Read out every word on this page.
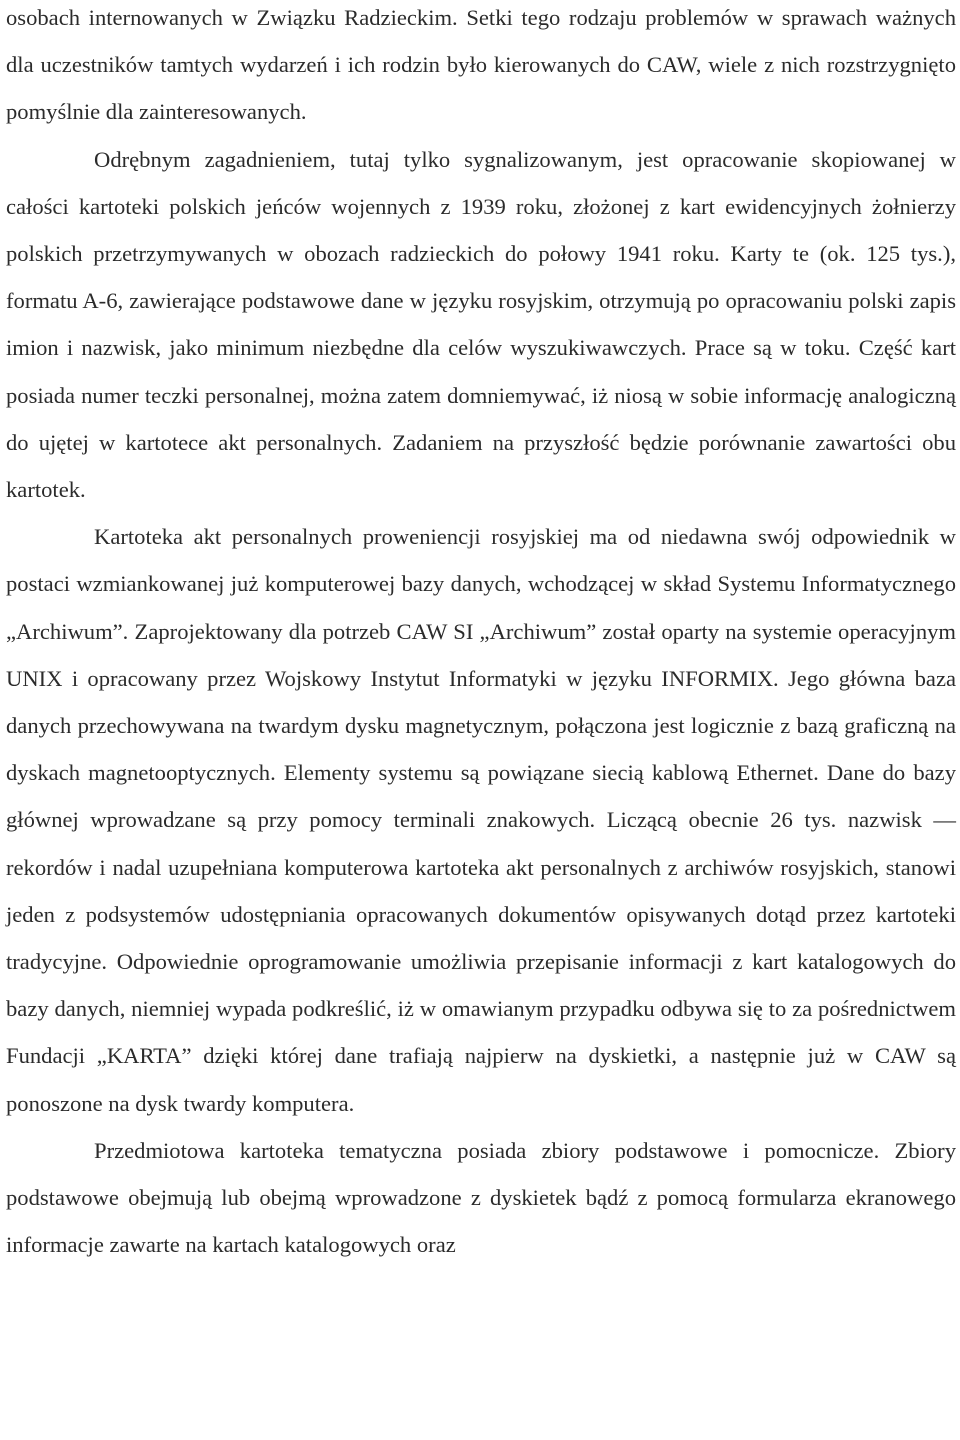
osobach internowanych w Związku Radzieckim. Setki tego rodzaju problemów w sprawach ważnych dla uczestników tamtych wydarzeń i ich rodzin było kierowanych do CAW, wiele z nich rozstrzygnięto pomyślnie dla zainteresowanych.

Odrębnym zagadnieniem, tutaj tylko sygnalizowanym, jest opracowanie skopiowanej w całości kartoteki polskich jeńców wojennych z 1939 roku, złożonej z kart ewidencyjnych żołnierzy polskich przetrzymywanych w obozach radzieckich do połowy 1941 roku. Karty te (ok. 125 tys.), formatu A-6, zawierające podstawowe dane w języku rosyjskim, otrzymują po opracowaniu polski zapis imion i nazwisk, jako minimum niezbędne dla celów wyszukiwawczych. Prace są w toku. Część kart posiada numer teczki personalnej, można zatem domniemywać, iż niosą w sobie informację analogiczną do ujętej w kartotece akt personalnych. Zadaniem na przyszłość będzie porównanie zawartości obu kartotek.

Kartoteka akt personalnych proweniencji rosyjskiej ma od niedawna swój odpowiednik w postaci wzmiankowanej już komputerowej bazy danych, wchodzącej w skład Systemu Informatycznego „Archiwum”. Zaprojektowany dla potrzeb CAW SI „Archiwum” został oparty na systemie operacyjnym UNIX i opracowany przez Wojskowy Instytut Informatyki w języku INFORMIX. Jego główna baza danych przechowywana na twardym dysku magnetycznym, połączona jest logicznie z bazą graficzną na dyskach magnetooptycznych. Elementy systemu są powiązane siecią kablową Ethernet. Dane do bazy głównej wprowadzane są przy pomocy terminali znakowych. Liczącą obecnie 26 tys. nazwisk — rekordów i nadal uzupełniana komputerowa kartoteka akt personalnych z archiwów rosyjskich, stanowi jeden z podsystemów udostępniania opracowanych dokumentów opisywanych dotąd przez kartoteki tradycyjne. Odpowiednie oprogramowanie umożliwia przepisanie informacji z kart katalogowych do bazy danych, niemniej wypada podkreślić, iż w omawianym przypadku odbywa się to za pośrednictwem Fundacji „KARTA” dzięki której dane trafiają najpierw na dyskietki, a następnie już w CAW są ponoszone na dysk twardy komputera.

Przedmiotowa kartoteka tematyczna posiada zbiory podstawowe i pomocnicze. Zbiory podstawowe obejmują lub obejmą wprowadzone z dyskietek bądź z pomocą formularza ekranowego informacje zawarte na kartach katalogowych oraz
